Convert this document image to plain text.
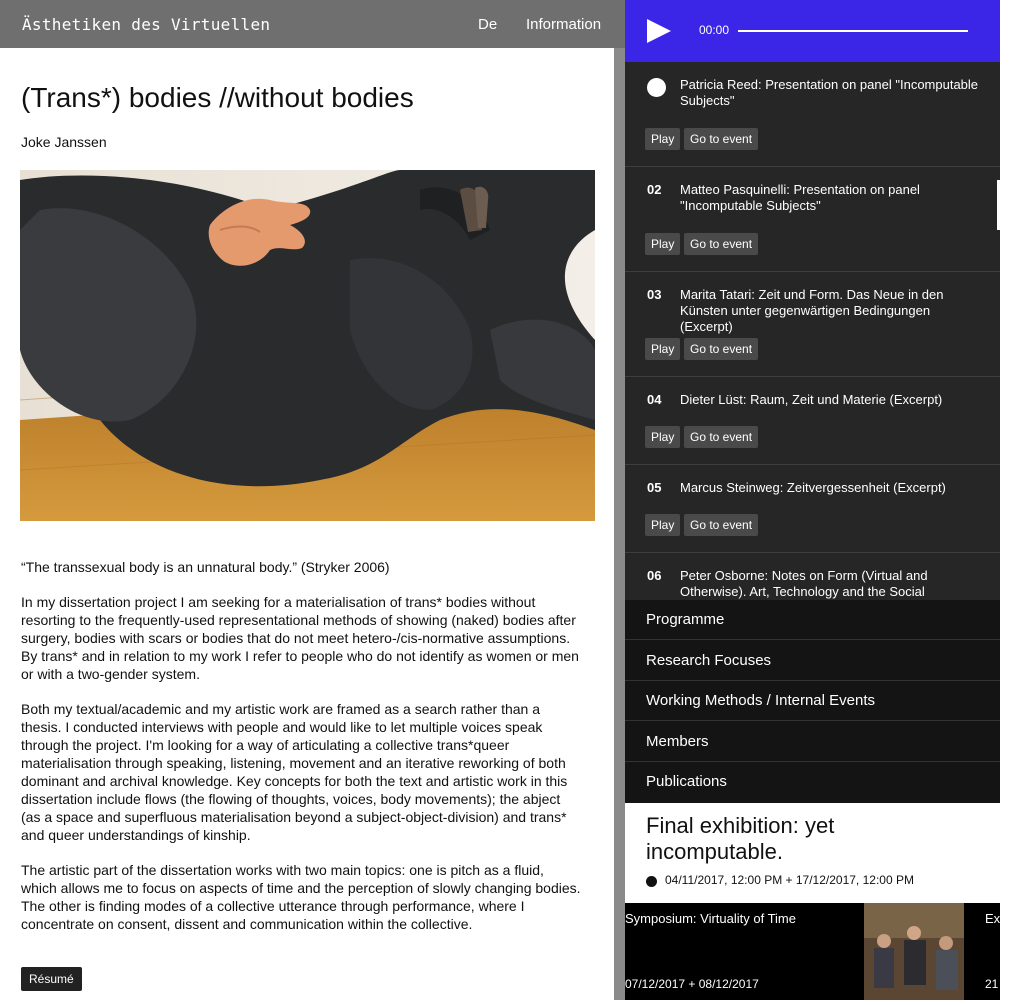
Ästhetiken des Virtuellen	De Information
(Trans*) bodies //without bodies
Joke Janssen

“The transsexual body is an unnatural body.” (Stryker 2006)

In my dissertation project I am seeking for a materialisation of trans* bodies without resorting to the frequently-used representational methods of showing (naked) bodies after surgery, bodies with scars or bodies that do not meet hetero-/cis-normative assumptions. By trans* and in relation to my work I refer to people who do not identify as women or men or with a two-gender system.

Both my textual/academic and my artistic work are framed as a search rather than a thesis. I conducted interviews with people and would like to let multiple voices speak through the project. I'm looking for a way of articulating a collective trans*queer materialisation through speaking, listening, movement and an iterative reworking of both dominant and archival knowledge. Key concepts for both the text and artistic work in this dissertation include flows (the flowing of thoughts, voices, body movements); the abject (as a space and superfluous materialisation beyond a subject-object-division) and trans* and queer understandings of kinship.

The artistic part of the dissertation works with two main topics: one is pitch as a fluid, which allows me to focus on aspects of time and the perception of slowly changing bodies. The other is finding modes of a collective utterance through performance, where I concentrate on consent, dissent and communication within the collective.

Résumé
00:00
Patricia Reed: Presentation on panel "Incomputable Subjects"
Play	Go to event
02 Matteo Pasquinelli: Presentation on panel "Incomputable Subjects"
Play	Go to event
03 Marita Tatari: Zeit und Form. Das Neue in den Künsten unter gegenwärtigen Bedingungen (Excerpt)
Play	Go to event
04 Dieter Lüst: Raum, Zeit und Materie (Excerpt)
Play	Go to event
05 Marcus Steinweg: Zeitvergessenheit (Excerpt)
Play	Go to event
06 Peter Osborne: Notes on Form (Virtual and Otherwise). Art, Technology and the Social
Programme
Research Focuses
Working Methods / Internal Events
Members
Publications
Final exhibition: yet incomputable.
04/11/2017, 12:00 PM + 17/12/2017, 12:00 PM
Symposium: Virtuality of Time
07/12/2017 + 08/12/2017
Ex Ma
21
